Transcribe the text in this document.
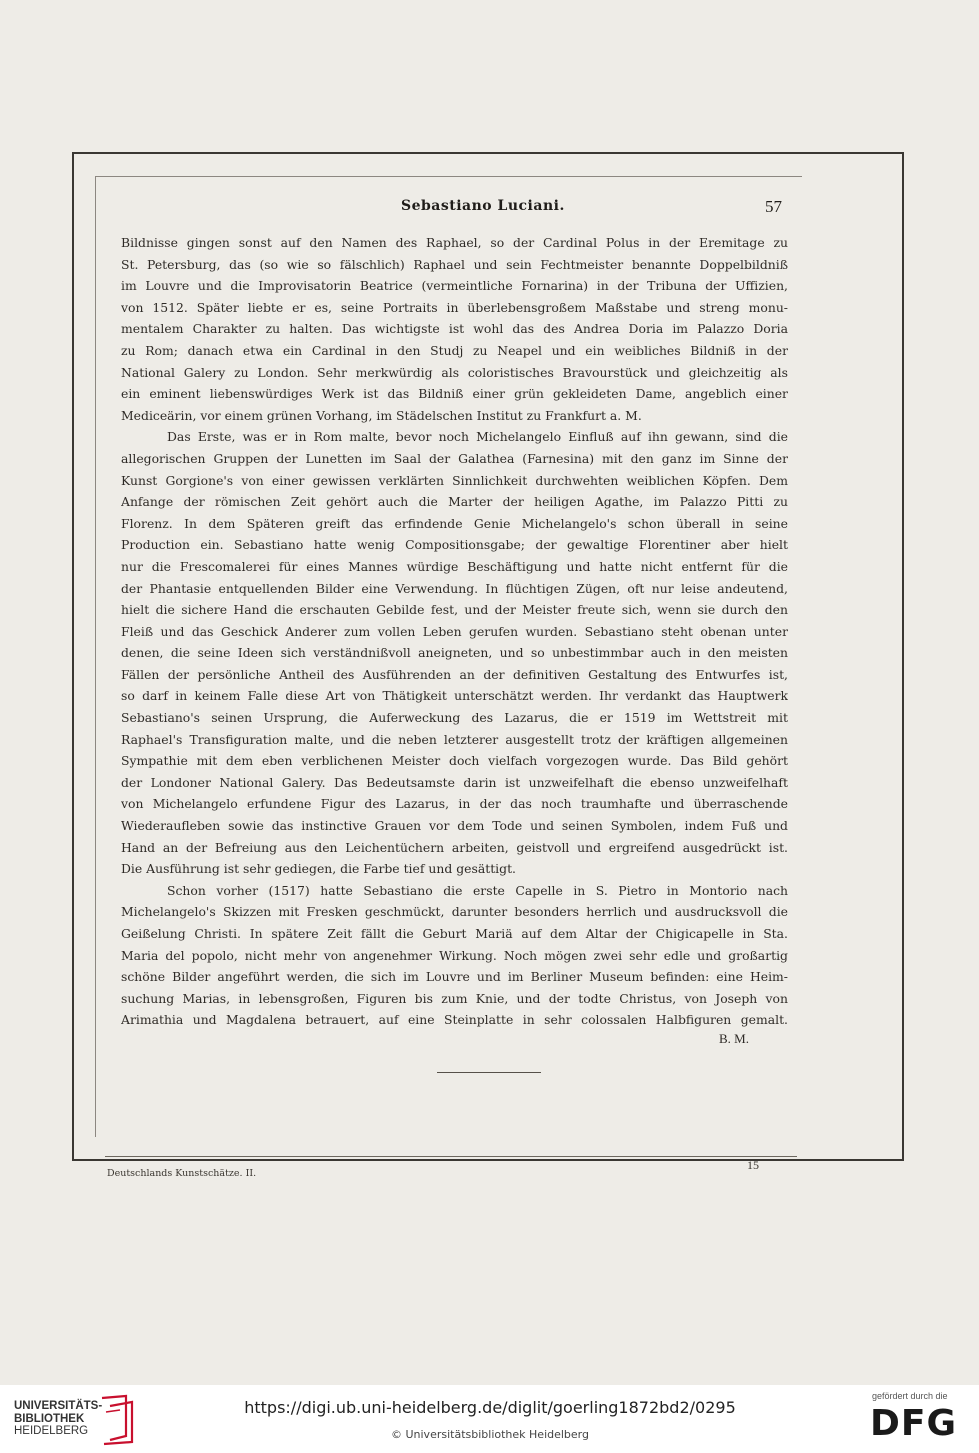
Sebastiano Luciani.	57
Bildnisse gingen sonst auf den Namen des Raphael, so der Cardinal Polus in der Eremitage zu
St. Petersburg, das (so wie so fälschlich) Raphael und sein Fechtmeister benannte Doppelbildniß
im Louvre und die Improvisatorin Beatrice (vermeintliche Fornarina) in der Tribuna der Uffizien,
von 1512. Später liebte er es, seine Portraits in überlebensgroßem Maßstabe und streng monu-
mentalem Charakter zu halten. Das wichtigste ist wohl das des Andrea Doria im Palazzo Doria
zu Rom; danach etwa ein Cardinal in den Studj zu Neapel und ein weibliches Bildniß in der
National Galery zu London. Sehr merkwürdig als coloristisches Bravourstück und gleichzeitig als
ein eminent liebenswürdiges Werk ist das Bildniß einer grün gekleideten Dame, angeblich einer
Mediceärin, vor einem grünen Vorhang, im Städelschen Institut zu Frankfurt a. M.
Das Erste, was er in Rom malte, bevor noch Michelangelo Einfluß auf ihn gewann, sind die
allegorischen Gruppen der Lunetten im Saal der Galathea (Farnesina) mit den ganz im Sinne der
Kunst Gorgione's von einer gewissen verklärten Sinnlichkeit durchwehten weiblichen Köpfen. Dem
Anfange der römischen Zeit gehört auch die Marter der heiligen Agathe, im Palazzo Pitti zu
Florenz. In dem Späteren greift das erfindende Genie Michelangelo's schon überall in seine
Production ein. Sebastiano hatte wenig Compositionsgabe; der gewaltige Florentiner aber hielt
nur die Frescomalerei für eines Mannes würdige Beschäftigung und hatte nicht entfernt für die
der Phantasie entquellenden Bilder eine Verwendung. In flüchtigen Zügen, oft nur leise andeutend,
hielt die sichere Hand die erschauten Gebilde fest, und der Meister freute sich, wenn sie durch den
Fleiß und das Geschick Anderer zum vollen Leben gerufen wurden. Sebastiano steht obenan unter
denen, die seine Ideen sich verständnißvoll aneigneten, und so unbestimmbar auch in den meisten
Fällen der persönliche Antheil des Ausführenden an der definitiven Gestaltung des Entwurfes ist,
so darf in keinem Falle diese Art von Thätigkeit unterschätzt werden. Ihr verdankt das Hauptwerk
Sebastiano's seinen Ursprung, die Auferweckung des Lazarus, die er 1519 im Wettstreit mit
Raphael's Transfiguration malte, und die neben letzterer ausgestellt trotz der kräftigen allgemeinen
Sympathie mit dem eben verblichenen Meister doch vielfach vorgezogen wurde. Das Bild gehört
der Londoner National Galery. Das Bedeutsamste darin ist unzweifelhaft die ebenso unzweifelhaft
von Michelangelo erfundene Figur des Lazarus, in der das noch traumhafte und überraschende
Wiederaufleben sowie das instinctive Grauen vor dem Tode und seinen Symbolen, indem Fuß und
Hand an der Befreiung aus den Leichentüchern arbeiten, geistvoll und ergreifend ausgedrückt ist.
Die Ausführung ist sehr gediegen, die Farbe tief und gesättigt.
Schon vorher (1517) hatte Sebastiano die erste Capelle in S. Pietro in Montorio nach
Michelangelo's Skizzen mit Fresken geschmückt, darunter besonders herrlich und ausdrucksvoll die
Geißelung Christi. In spätere Zeit fällt die Geburt Mariä auf dem Altar der Chigicapelle in Sta.
Maria del popolo, nicht mehr von angenehmer Wirkung. Noch mögen zwei sehr edle und großartig
schöne Bilder angeführt werden, die sich im Louvre und im Berliner Museum befinden: eine Heim-
suchung Marias, in lebensgroßen, Figuren bis zum Knie, und der todte Christus, von Joseph von
Arimathia und Magdalena betrauert, auf eine Steinplatte in sehr colossalen Halbfiguren gemalt.
B. M.
Deutschlands Kunstschätze. II.
15
UNIVERSITÄTS-
BIBLIOTHEK
HEIDELBERG
https://digi.ub.uni-heidelberg.de/diglit/goerling1872bd2/0295
© Universitätsbibliothek Heidelberg
gefördert durch die
DFG
